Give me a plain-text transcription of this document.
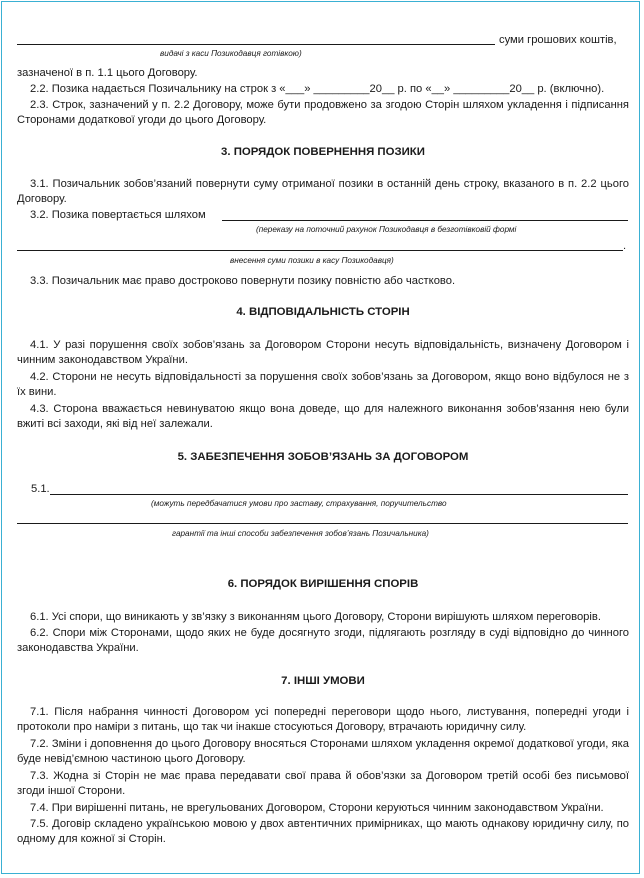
суми грошових коштів,
видачі з каси Позикодавця готівкою)
зазначеної в п. 1.1 цього Договору.
2.2. Позика надається Позичальнику на строк з «___» _________20__ р. по «__» _________20__ р. (включно).
2.3. Строк, зазначений у п. 2.2 Договору, може бути продовжено за згодою Сторін шляхом укладення і підписання Сторонами додаткової угоди до цього Договору.
3. ПОРЯДОК ПОВЕРНЕННЯ ПОЗИКИ
3.1. Позичальник зобов’язаний повернути суму отриманої позики в останній день строку, вказаного в п. 2.2 цього Договору.
3.2. Позика повертається шляхом
(переказу на поточний рахунок Позикодавця в безготівковій формі
.
внесення суми позики в касу Позикодавця)
3.3. Позичальник має право достроково повернути позику повністю або частково.
4. ВІДПОВІДАЛЬНІСТЬ СТОРІН
4.1. У разі порушення своїх зобов’язань за Договором Сторони несуть відповідальність, визначену Договором і чинним законодавством України.
4.2. Сторони не несуть відповідальності за порушення своїх зобов’язань за Договором, якщо воно відбулося не з їх вини.
4.3. Сторона вважається невинуватою якщо вона доведе, що для належного виконання зобов’язання нею були вжиті всі заходи, які від неї залежали.
5. ЗАБЕЗПЕЧЕННЯ ЗОБОВ’ЯЗАНЬ ЗА ДОГОВОРОМ
5.1.
(можуть передбачатися умови про заставу, страхування, поручительство
гарантії та інші способи забезпечення зобов’язань Позичальника)
6. ПОРЯДОК ВИРІШЕННЯ СПОРІВ
6.1. Усі спори, що виникають у зв’язку з виконанням цього Договору, Сторони вирішують шляхом переговорів.
6.2. Спори між Сторонами, щодо яких не буде досягнуто згоди, підлягають розгляду в суді відповідно до чинного законодавства України.
7. ІНШІ УМОВИ
7.1. Після набрання чинності Договором усі попередні переговори щодо нього, листування, попередні угоди і протоколи про наміри з питань, що так чи інакше стосуються Договору, втрачають юридичну силу.
7.2. Зміни і доповнення до цього Договору вносяться Сторонами шляхом укладення окремої додаткової угоди, яка буде невід’ємною частиною цього Договору.
7.3. Жодна зі Сторін не має права передавати свої права й обов’язки за Договором третій особі без письмової згоди іншої Сторони.
7.4. При вирішенні питань, не врегульованих Договором, Сторони керуються чинним законодавством України.
7.5. Договір складено українською мовою у двох автентичних примірниках, що мають однакову юридичну силу, по одному для кожної зі Сторін.
